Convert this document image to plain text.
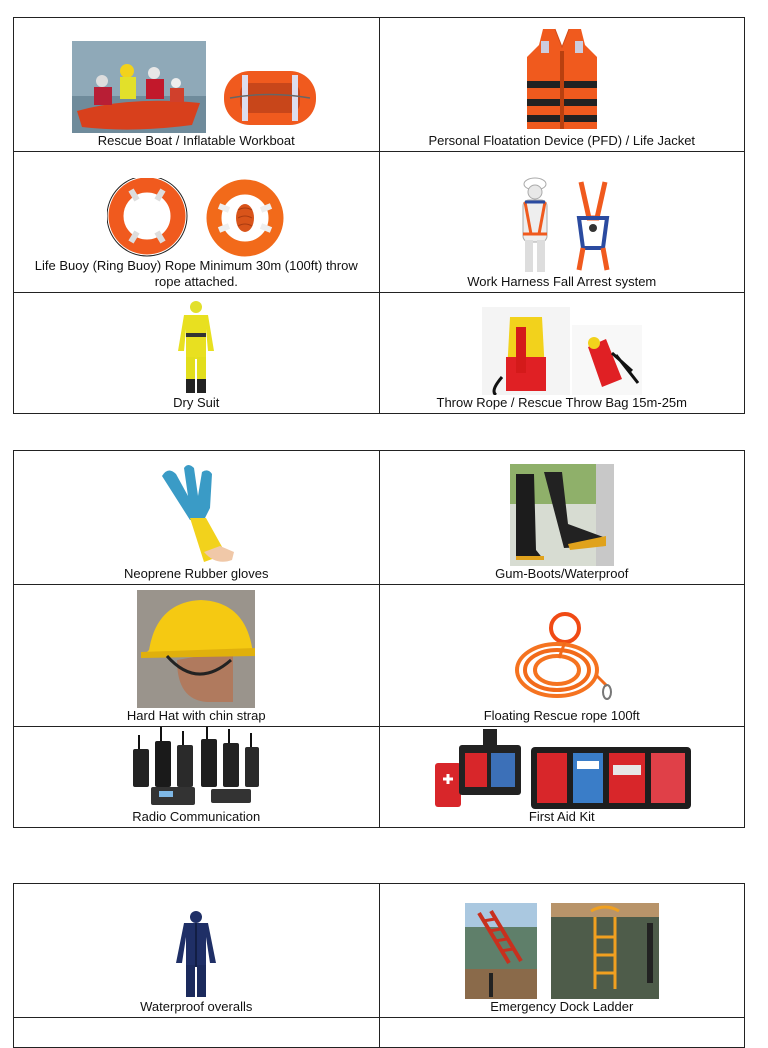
Rescue Boat / Inflatable Workboat	Personal Floatation Device (PFD) / Life Jacket

Life Buoy (Ring Buoy) Rope Minimum 30m (100ft) throw rope attached.	Work Harness Fall Arrest system

Dry Suit	Throw Rope / Rescue Throw Bag 15m-25m
Neoprene Rubber gloves	Gum-Boots/Waterproof

Hard Hat with chin strap	Floating Rescue rope 100ft

Radio Communication	First Aid Kit
Waterproof overalls	Emergency Dock Ladder
